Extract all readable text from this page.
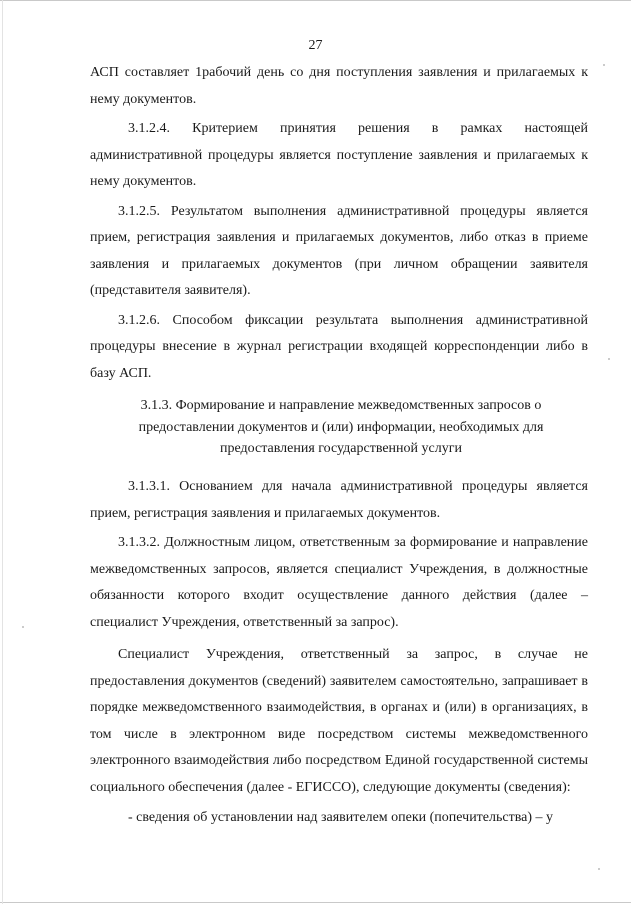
27

АСП составляет 1рабочий день со дня поступления заявления и прилагаемых к нему документов.

3.1.2.4. Критерием принятия решения в рамках настоящей административной процедуры является поступление заявления и прилагаемых к нему документов.

3.1.2.5. Результатом выполнения административной процедуры является прием, регистрация заявления и прилагаемых документов, либо отказ в приеме заявления и прилагаемых документов (при личном обращении заявителя (представителя заявителя).

3.1.2.6. Способом фиксации результата выполнения административной процедуры внесение в журнал регистрации входящей корреспонденции либо в базу АСП.

3.1.3. Формирование и направление межведомственных запросов о предоставлении документов и (или) информации, необходимых для предоставления государственной услуги

3.1.3.1. Основанием для начала административной процедуры является прием, регистрация заявления и прилагаемых документов.

3.1.3.2. Должностным лицом, ответственным за формирование и направление межведомственных запросов, является специалист Учреждения, в должностные обязанности которого входит осуществление данного действия (далее – специалист Учреждения, ответственный за запрос).

Специалист Учреждения, ответственный за запрос, в случае не предоставления документов (сведений) заявителем самостоятельно, запрашивает в порядке межведомственного взаимодействия, в органах и (или) в организациях, в том числе в электронном виде посредством системы межведомственного электронного взаимодействия либо посредством Единой государственной системы социального обеспечения (далее - ЕГИССО), следующие документы (сведения):

- сведения об установлении над заявителем опеки (попечительства) – у
